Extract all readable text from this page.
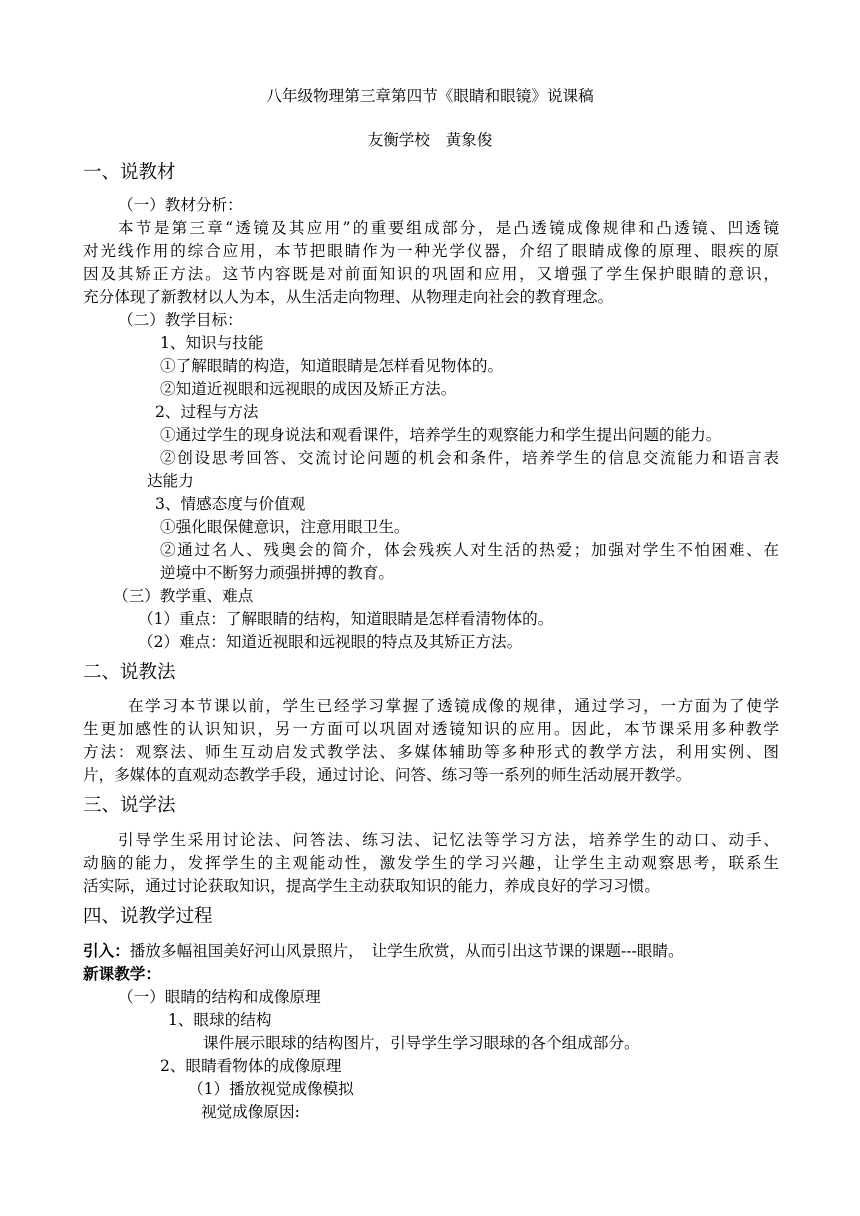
八年级物理第三章第四节《眼睛和眼镜》说课稿
友衡学校　黄象俊
一、说教材
（一）教材分析：
本节是第三章“透镜及其应用”的重要组成部分，是凸透镜成像规律和凸透镜、凹透镜
对光线作用的综合应用，本节把眼睛作为一种光学仪器，介绍了眼睛成像的原理、眼疾的原
因及其矫正方法。这节内容既是对前面知识的巩固和应用，又增强了学生保护眼睛的意识，
充分体现了新教材以人为本，从生活走向物理、从物理走向社会的教育理念。
（二）教学目标：
1、知识与技能
①了解眼睛的构造，知道眼睛是怎样看见物体的。
②知道近视眼和远视眼的成因及矫正方法。
2、过程与方法
①通过学生的现身说法和观看课件，培养学生的观察能力和学生提出问题的能力。
②创设思考回答、交流讨论问题的机会和条件，培养学生的信息交流能力和语言表
达能力
3、情感态度与价值观
①强化眼保健意识，注意用眼卫生。
②通过名人、残奥会的简介，体会残疾人对生活的热爱；加强对学生不怕困难、在
逆境中不断努力顽强拼搏的教育。
（三）教学重、难点
（1）重点：了解眼睛的结构，知道眼睛是怎样看清物体的。
（2）难点：知道近视眼和远视眼的特点及其矫正方法。
二、说教法
在学习本节课以前，学生已经学习掌握了透镜成像的规律，通过学习，一方面为了使学
生更加感性的认识知识，另一方面可以巩固对透镜知识的应用。因此，本节课采用多种教学
方法：观察法、师生互动启发式教学法、多媒体辅助等多种形式的教学方法，利用实例、图
片，多媒体的直观动态教学手段，通过讨论、问答、练习等一系列的师生活动展开教学。
三、说学法
引导学生采用讨论法、问答法、练习法、记忆法等学习方法，培养学生的动口、动手、
动脑的能力，发挥学生的主观能动性，激发学生的学习兴趣，让学生主动观察思考，联系生
活实际，通过讨论获取知识，提高学生主动获取知识的能力，养成良好的学习习惯。
四、说教学过程
引入：播放多幅祖国美好河山风景照片，　让学生欣赏，从而引出这节课的课题---眼睛。
新课教学：
（一）眼睛的结构和成像原理
1、眼球的结构
课件展示眼球的结构图片，引导学生学习眼球的各个组成部分。
2、眼睛看物体的成像原理
（1）播放视觉成像模拟
视觉成像原因:
